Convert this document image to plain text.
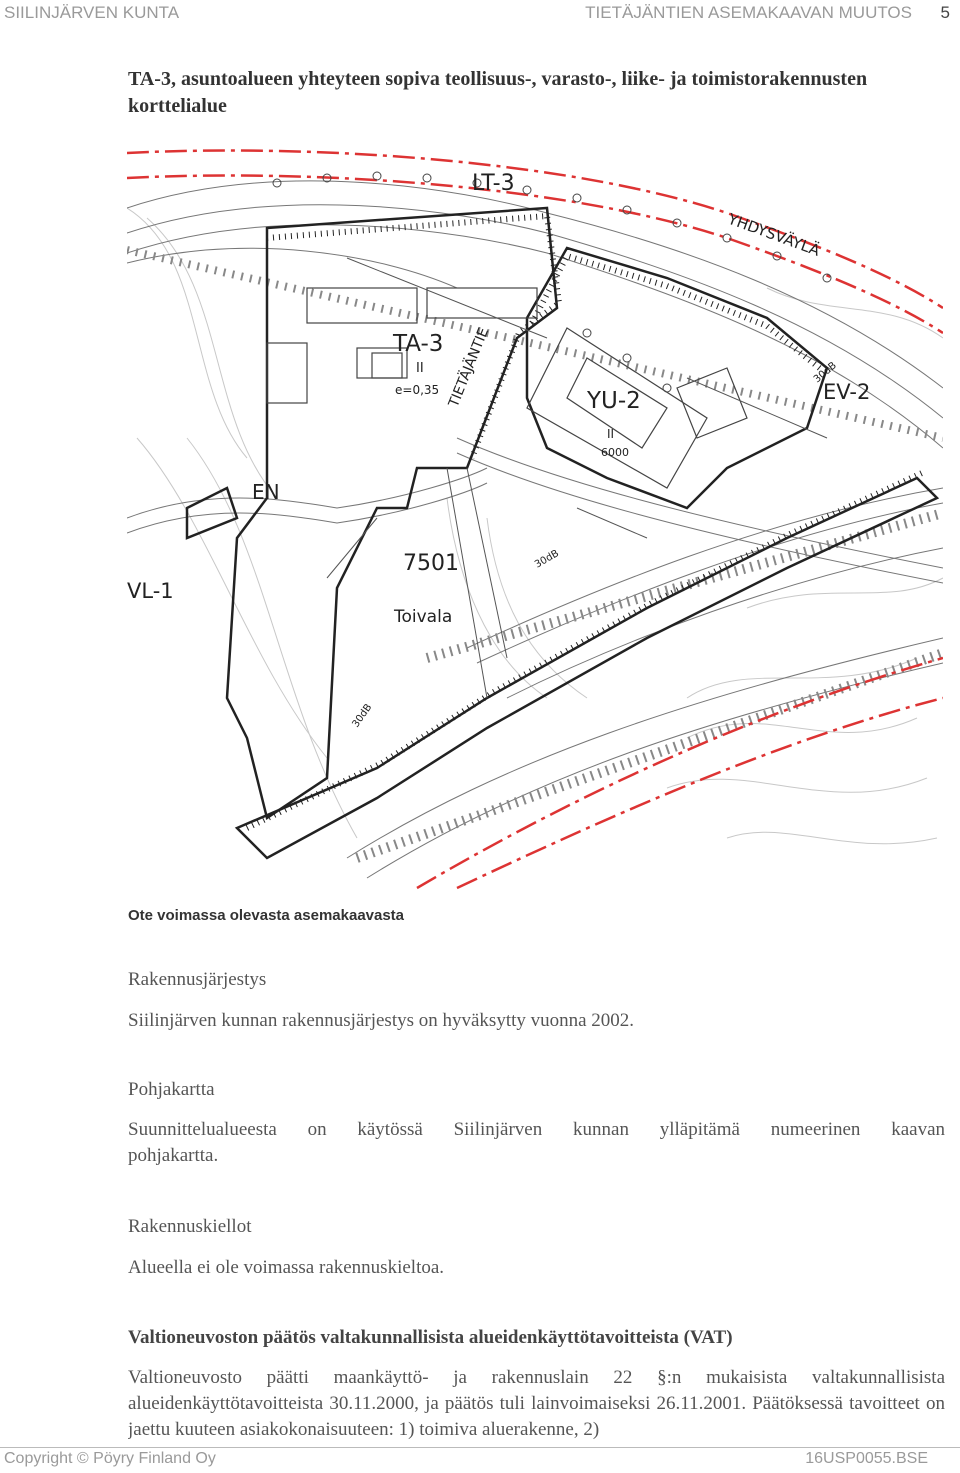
SIILINJÄRVEN KUNTA	TIETÄJÄNTIEN ASEMAKAAVAN MUUTOS 5
TA-3, asuntoalueen yhteyteen sopiva teollisuus-, varasto-, liike- ja toimistorakennusten korttelialue
LT-3
YHDYSVÄYLÄ
TA-3
II
e=0,35 TIETÄJÄNTIE	YU-2
II
6000
EV-2
EN
7501
Toivala
VL-1
30dB
30dB
30dB
Ote voimassa olevasta asemakaavasta
Rakennusjärjestys
Siilinjärven kunnan rakennusjärjestys on hyväksytty vuonna 2002.
Pohjakartta
Suunnittelualueesta on käytössä Siilinjärven kunnan ylläpitämä numeerinen kaavan
pohjakartta.
Rakennuskiellot
Alueella ei ole voimassa rakennuskieltoa.
Valtioneuvoston päätös valtakunnallisista alueidenkäyttötavoitteista (VAT)
Valtioneuvosto päätti maankäyttö- ja rakennuslain 22 §:n mukaisista valtakunnallisista alueidenkäyttötavoitteista 30.11.2000, ja päätös tuli lainvoimaiseksi 26.11.2001. Päätöksessä tavoitteet on jaettu kuuteen asiakokonaisuuteen: 1) toimiva aluerakenne, 2)
Copyright © Pöyry Finland Oy	16USP0055.BSE
